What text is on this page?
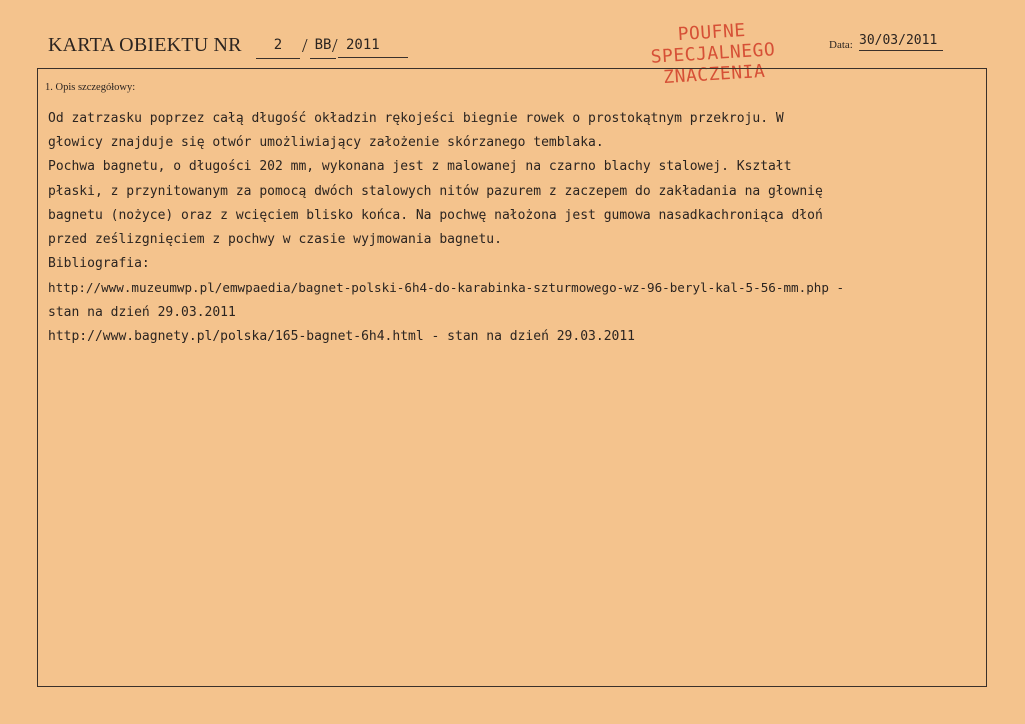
KARTA OBIEKTU NR	2 / BB / 2011	POUFNE
SPECJALNEGO
ZNACZENIA
Data: 30/03/2011
1. Opis szczegółowy:
Od zatrzasku poprzez całą długość okładzin rękojeści biegnie rowek o prostokątnym przekroju. W
głowicy znajduje się otwór umożliwiający założenie skórzanego temblaka.
Pochwa bagnetu, o długości 202 mm, wykonana jest z malowanej na czarno blachy stalowej. Kształt
płaski, z przynitowanym za pomocą dwóch stalowych nitów pazurem z zaczepem do zakładania na głownię
bagnetu (nożyce) oraz z wcięciem blisko końca. Na pochwę nałożona jest gumowa nasadkachroniąca dłoń
przed ześlizgnięciem z pochwy w czasie wyjmowania bagnetu.
Bibliografia:
http://www.muzeumwp.pl/emwpaedia/bagnet-polski-6h4-do-karabinka-szturmowego-wz-96-beryl-kal-5-56-mm.php -
stan na dzień 29.03.2011
http://www.bagnety.pl/polska/165-bagnet-6h4.html - stan na dzień 29.03.2011
